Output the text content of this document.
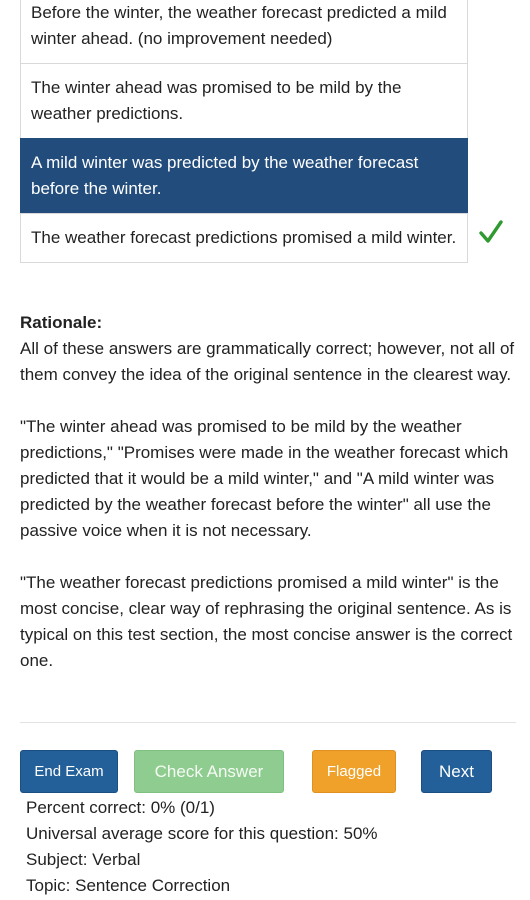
Before the winter, the weather forecast predicted a mild winter ahead. (no improvement needed)
The winter ahead was promised to be mild by the weather predictions.
A mild winter was predicted by the weather forecast before the winter.
The weather forecast predictions promised a mild winter.
Rationale:

All of these answers are grammatically correct; however, not all of them convey the idea of the original sentence in the clearest way.

"The winter ahead was promised to be mild by the weather predictions," "Promises were made in the weather forecast which predicted that it would be a mild winter," and "A mild winter was predicted by the weather forecast before the winter" all use the passive voice when it is not necessary.

"The weather forecast predictions promised a mild winter" is the most concise, clear way of rephrasing the original sentence. As is typical on this test section, the most concise answer is the correct one.

End Exam	Check Answer	Flagged	Next
Percent correct: 0% (0/1)
Universal average score for this question: 50%
Subject: Verbal
Topic: Sentence Correction
